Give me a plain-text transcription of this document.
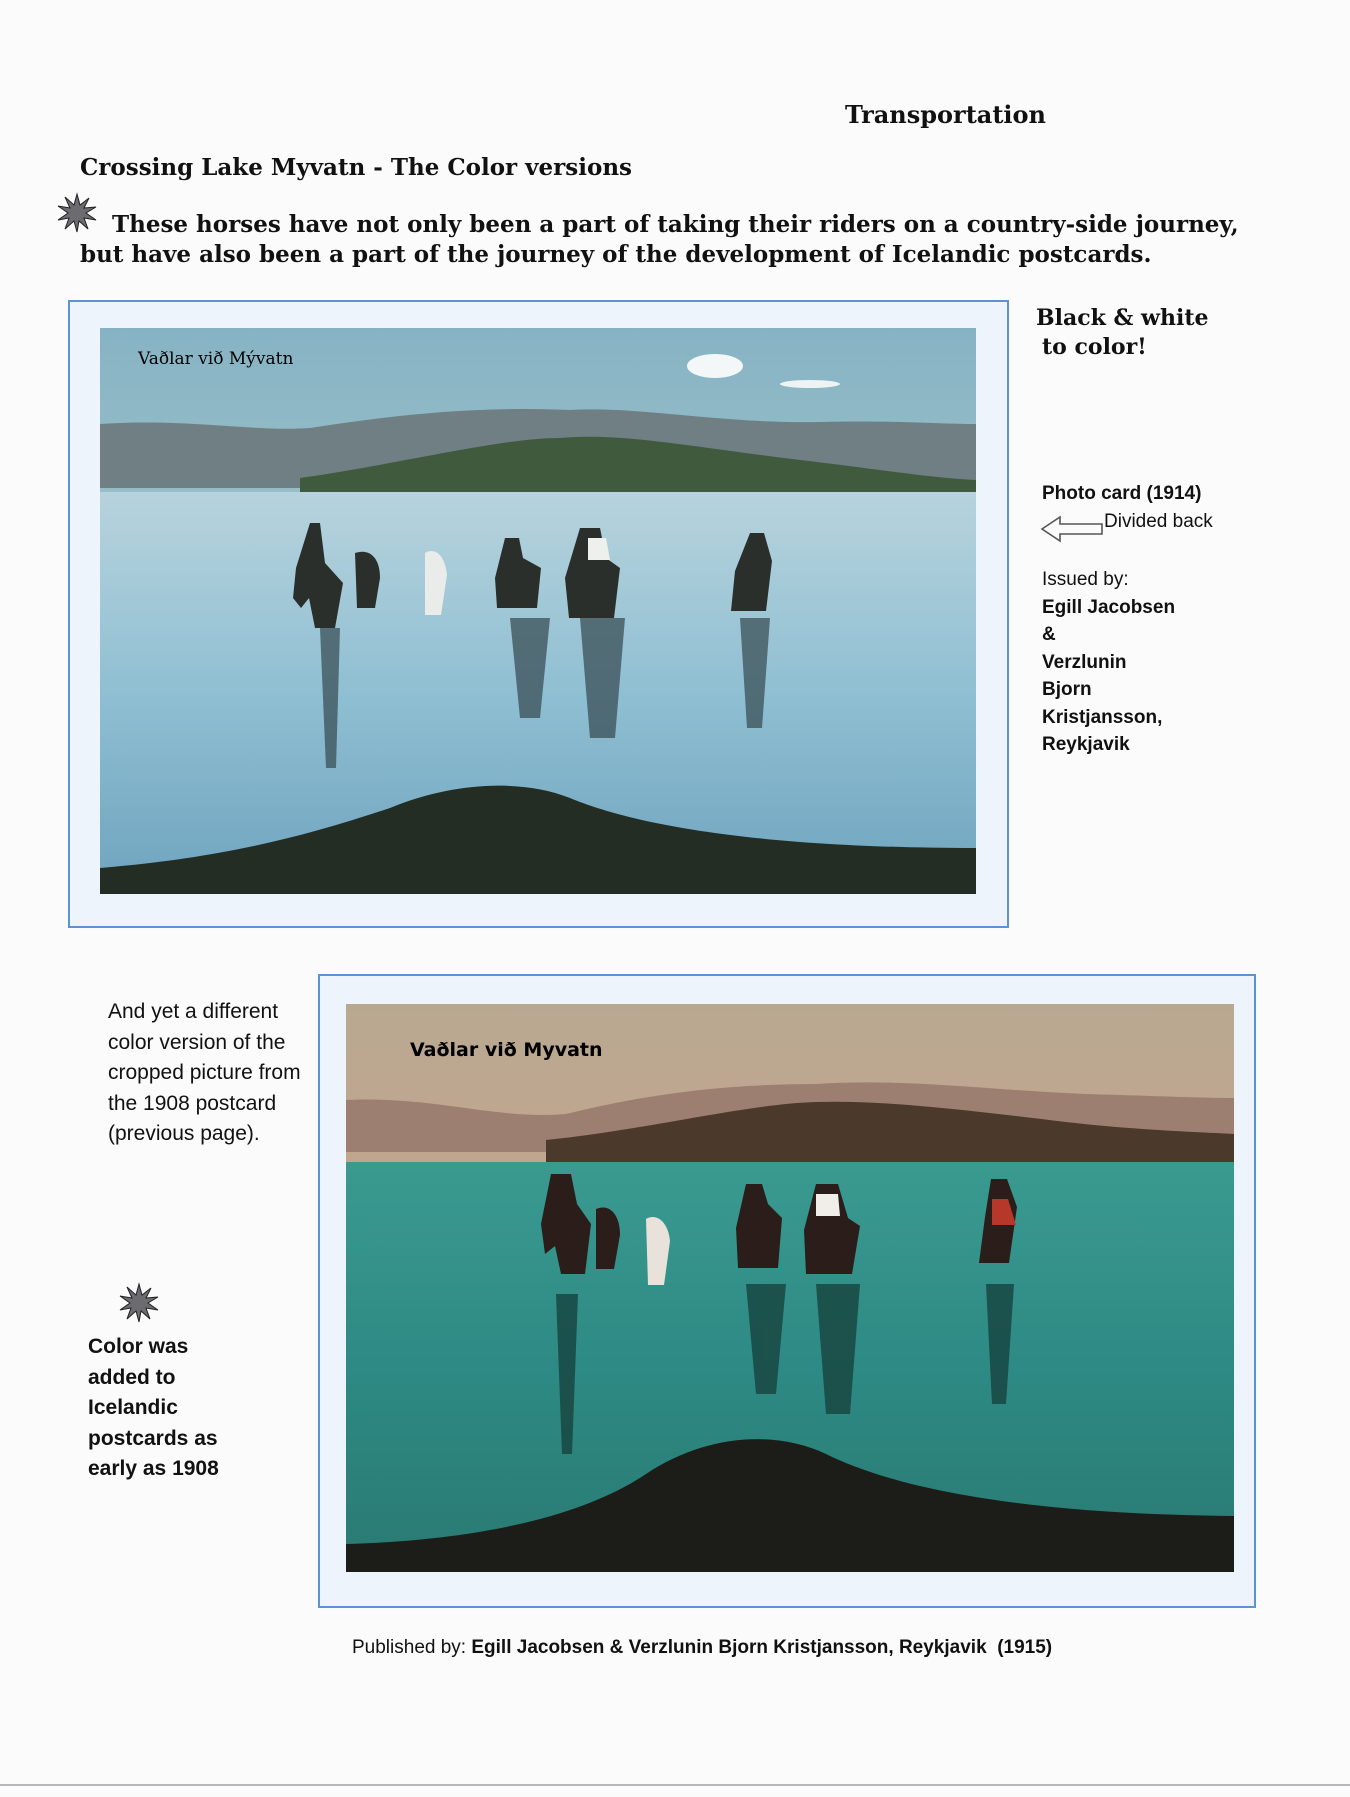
Transportation
Crossing Lake Myvatn - The Color versions
These horses have not only been a part of taking their riders on a country-side journey, but have also been a part of the journey of the development of Icelandic postcards.
Vaðlar við Mývatn
Black & white
to color!
Photo card (1914)
Divided back
Issued by:
Egill Jacobsen
&
Verzlunin
Bjorn
Kristjansson,
Reykjavik
Vaðlar við Myvatn
And yet a different color version of the cropped picture from the 1908 postcard (previous page).
Color was added to Icelandic postcards as early as 1908
Published by: Egill Jacobsen & Verzlunin Bjorn Kristjansson, Reykjavik (1915)
